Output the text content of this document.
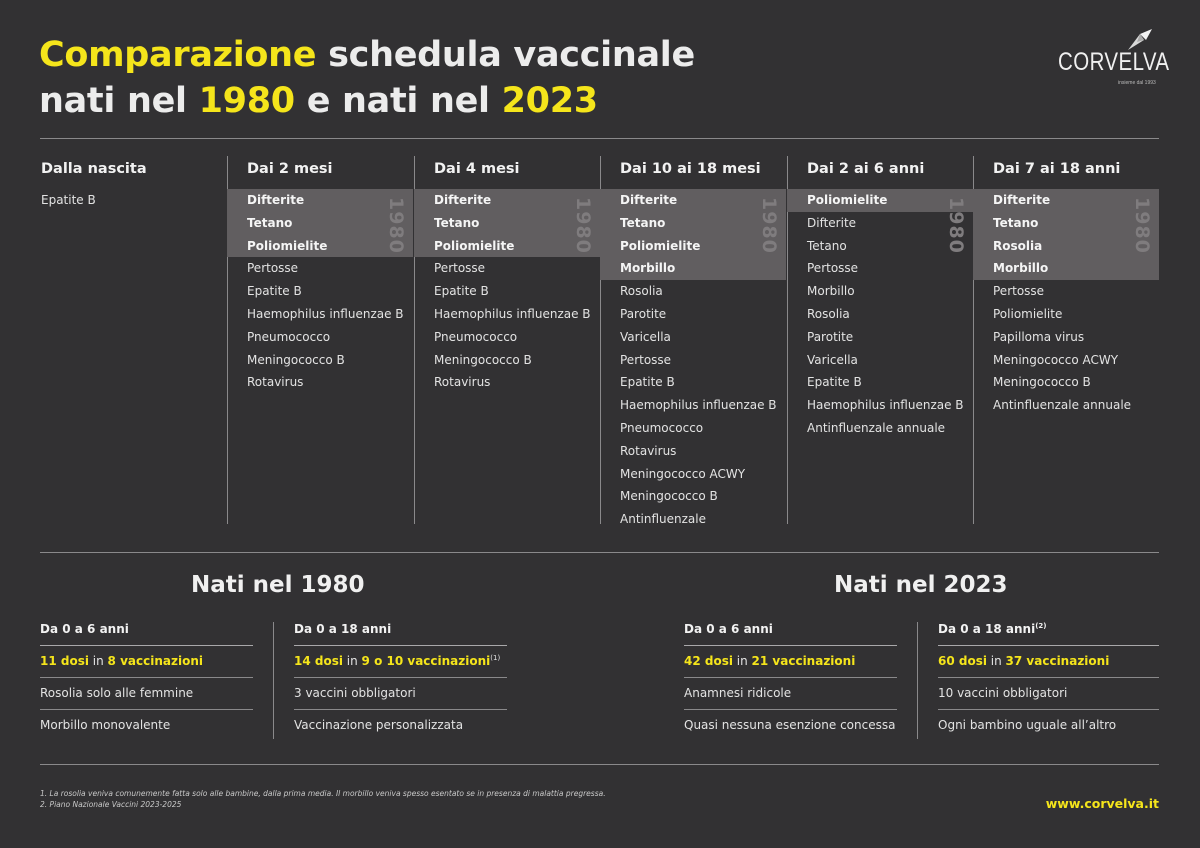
Comparazione schedula vaccinale
nati nel 1980 e nati nel 2023
CORVELVA
insieme dal 1993
Dalla nascita
Epatite B	1980
Dai 2 mesi
Difterite
Tetano
Poliomielite
Pertosse
Epatite B
Haemophilus influenzae B
Pneumococco
Meningococco B
Rotavirus
1980
Dai 4 mesi
Difterite
Tetano
Poliomielite
Pertosse
Epatite B
Haemophilus influenzae B
Pneumococco
Meningococco B
Rotavirus
1980
Dai 10 ai 18 mesi
Difterite
Tetano
Poliomielite
Morbillo
Rosolia
Parotite
Varicella
Pertosse
Epatite B
Haemophilus influenzae B
Pneumococco
Rotavirus
Meningococco ACWY
Meningococco B
Antinfluenzale
1980
Dai 2 ai 6 anni
Poliomielite
Difterite
Tetano
Pertosse
Morbillo
Rosolia
Parotite
Varicella
Epatite B
Haemophilus influenzae B
Antinfluenzale annuale
1980
Dai 7 ai 18 anni
Difterite
Tetano
Rosolia
Morbillo
Pertosse
Poliomielite
Papilloma virus
Meningococco ACWY
Meningococco B
Antinfluenzale annuale
Nati nel 1980
Da 0 a 6 anni
11 dosi in 8 vaccinazioni
Rosolia solo alle femmine
Morbillo monovalente
Da 0 a 18 anni
14 dosi in 9 o 10 vaccinazioni$^{(1)}$
3 vaccini obbligatori
Vaccinazione personalizzata
Nati nel 2023
Da 0 a 6 anni
42 dosi in 21 vaccinazioni
Anamnesi ridicole
Quasi nessuna esenzione concessa
Da 0 a 18 anni$^{(2)}$
60 dosi in 37 vaccinazioni
10 vaccini obbligatori
Ogni bambino uguale all’altro
1. La rosolia veniva comunemente fatta solo alle bambine, dalla prima media. Il morbillo veniva spesso esentato se in presenza di malattia pregressa.
2. Piano Nazionale Vaccini 2023-2025	www.corvelva.it
